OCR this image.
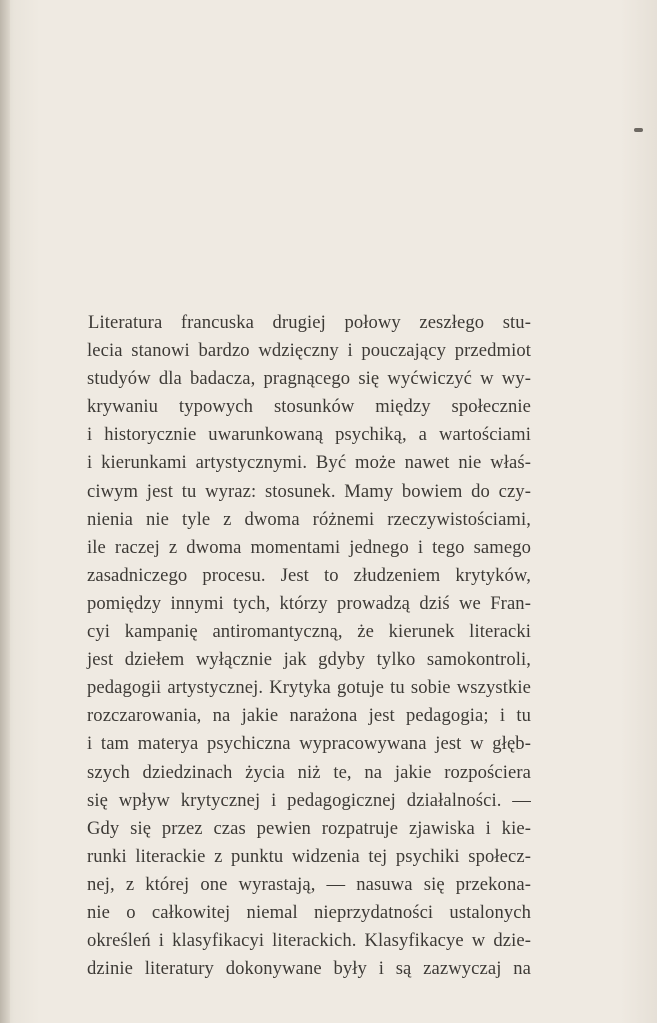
Literatura francuska drugiej połowy zeszłego stu-
lecia stanowi bardzo wdzięczny i pouczający przedmiot
studyów dla badacza, pragnącego się wyćwiczyć w wy-
krywaniu typowych stosunków między społecznie
i historycznie uwarunkowaną psychiką, a wartościami
i kierunkami artystycznymi. Być może nawet nie właś-
ciwym jest tu wyraz: stosunek. Mamy bowiem do czy-
nienia nie tyle z dwoma różnemi rzeczywistościami,
ile raczej z dwoma momentami jednego i tego samego
zasadniczego procesu. Jest to złudzeniem krytyków,
pomiędzy innymi tych, którzy prowadzą dziś we Fran-
cyi kampanię antiromantyczną, że kierunek literacki
jest dziełem wyłącznie jak gdyby tylko samokontroli,
pedagogii artystycznej. Krytyka gotuje tu sobie wszystkie
rozczarowania, na jakie narażona jest pedagogia; i tu
i tam materya psychiczna wypracowywana jest w głęb-
szych dziedzinach życia niż te, na jakie rozpościera
się wpływ krytycznej i pedagogicznej działalności. —
Gdy się przez czas pewien rozpatruje zjawiska i kie-
runki literackie z punktu widzenia tej psychiki społecz-
nej, z której one wyrastają, — nasuwa się przekona-
nie o całkowitej niemal nieprzydatności ustalonych
określeń i klasyfikacyi literackich. Klasyfikacye w dzie-
dzinie literatury dokonywane były i są zazwyczaj na
